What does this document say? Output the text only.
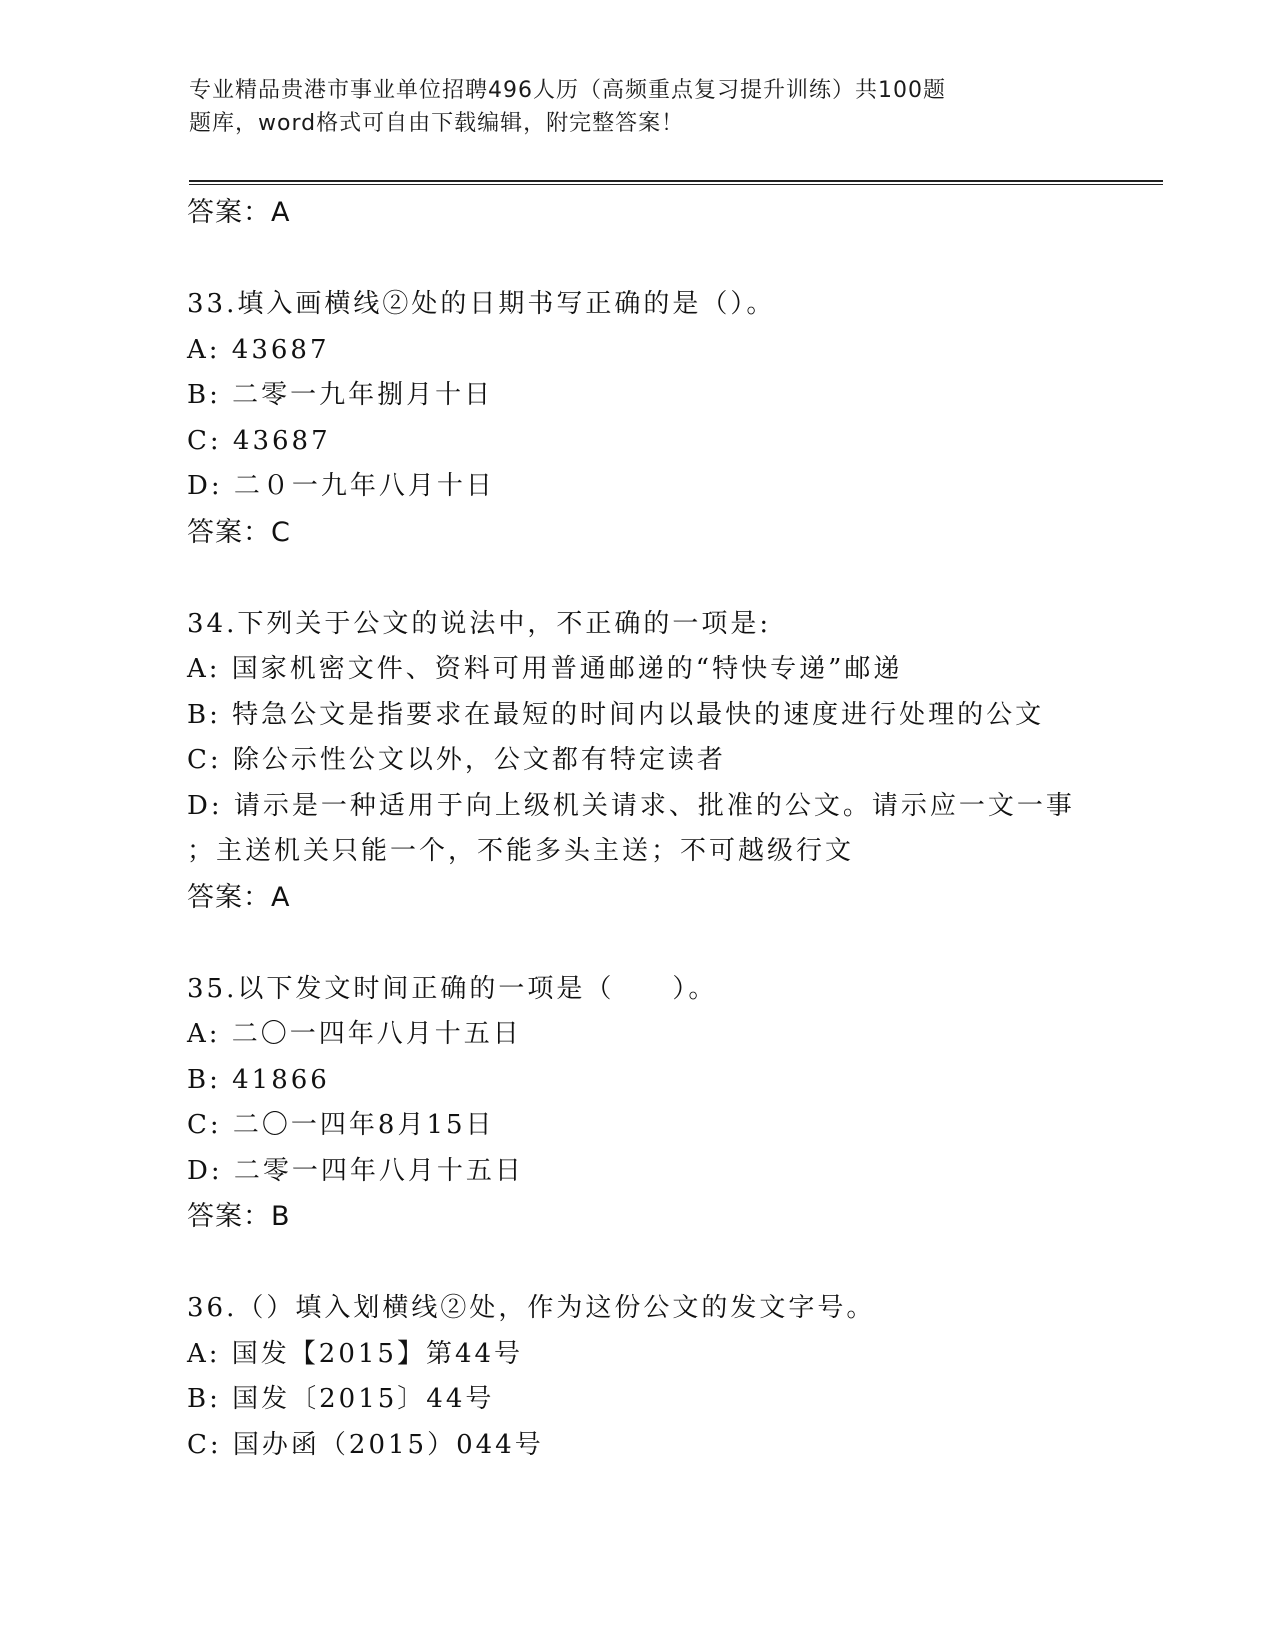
专业精品贵港市事业单位招聘496人历（高频重点复习提升训练）共100题
题库，word格式可自由下载编辑，附完整答案！
答案：A
33.填入画横线②处的日期书写正确的是（）。
A: 43687
B: 二零一九年捌月十日
C: 43687
D: 二０一九年八月十日
答案：C
34.下列关于公文的说法中，不正确的一项是:
A: 国家机密文件、资料可用普通邮递的“特快专递”邮递
B: 特急公文是指要求在最短的时间内以最快的速度进行处理的公文
C: 除公示性公文以外，公文都有特定读者
D: 请示是一种适用于向上级机关请求、批准的公文。请示应一文一事
；主送机关只能一个，不能多头主送；不可越级行文
答案：A
35.以下发文时间正确的一项是（　　）。
A: 二〇一四年八月十五日
B: 41866
C: 二〇一四年8月15日
D: 二零一四年八月十五日
答案：B
36.（）填入划横线②处，作为这份公文的发文字号。
A: 国发【2015】第44号
B: 国发〔2015〕44号
C: 国办函（2015）044号
